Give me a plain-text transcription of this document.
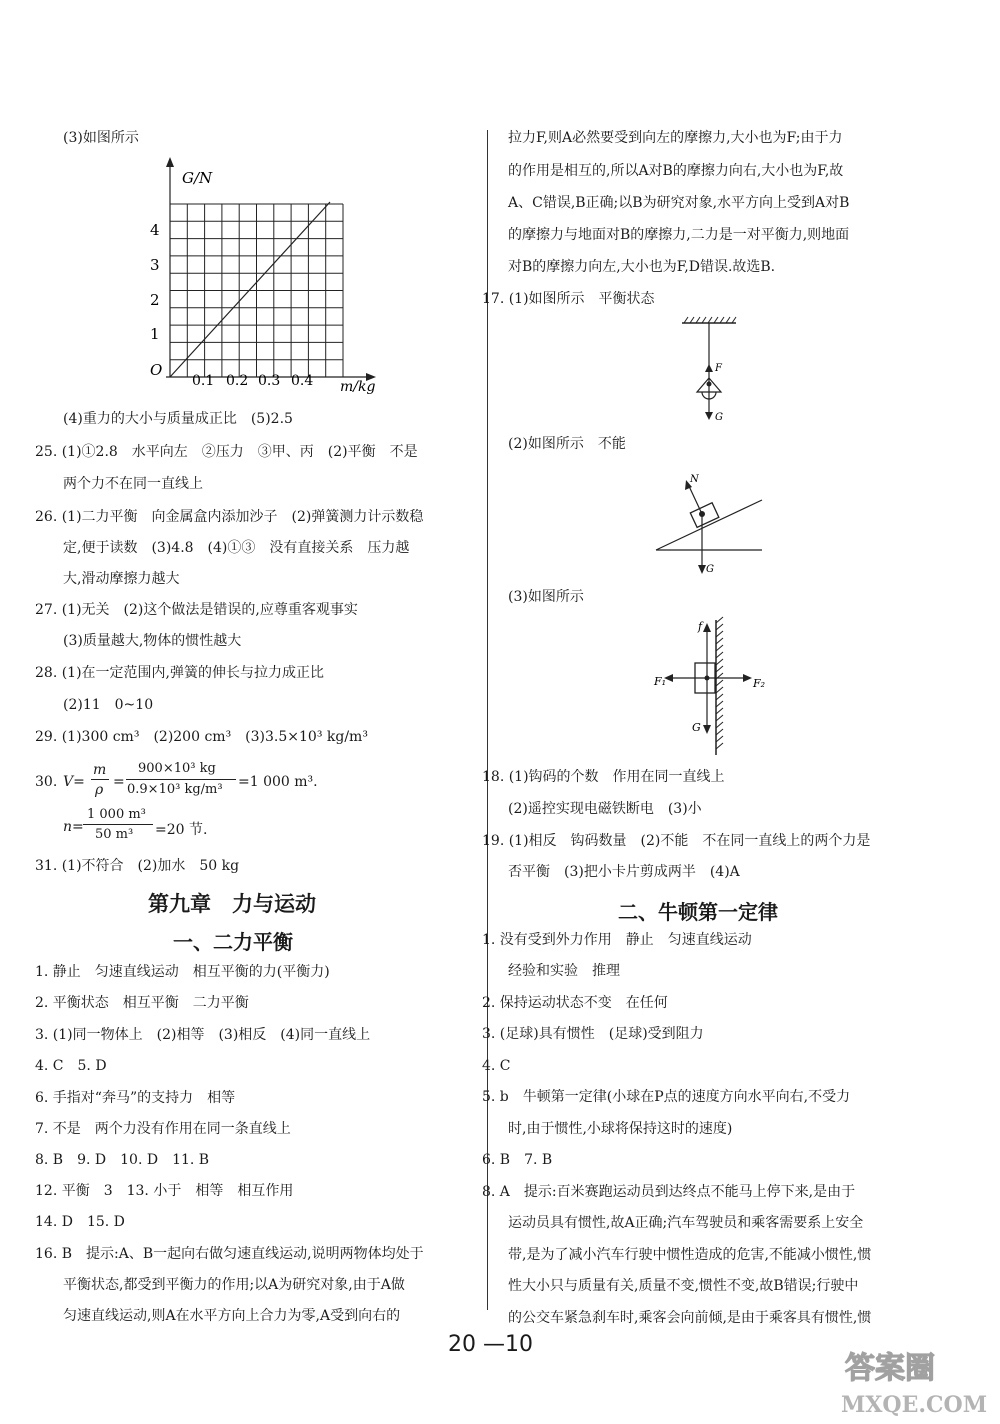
(3)如图所示
G/N
m/kg
O
4
3
2
1
0.1 0.2 0.3 0.4
(4)重力的大小与质量成正比　(5)2.5
25. (1)①2.8　水平向左　②压力　③甲、丙　(2)平衡　不是
两个力不在同一直线上
26. (1)二力平衡　向金属盒内添加沙子　(2)弹簧测力计示数稳
定,便于读数　(3)4.8　(4)①③　没有直接关系　压力越
大,滑动摩擦力越大
27. (1)无关　(2)这个做法是错误的,应尊重客观事实
(3)质量越大,物体的惯性越大
28. (1)在一定范围内,弹簧的伸长与拉力成正比
(2)11　0~10
29. (1)300 cm³　(2)200 cm³　(3)3.5×10³ kg/m³
30. V=
m
ρ =
900×10³ kg
0.9×10³ kg/m³ =1 000 m³.
n=
1 000 m³
50 m³ =20 节.
31. (1)不符合　(2)加水　50 kg
第九章　力与运动
一、二力平衡
1. 静止　匀速直线运动　相互平衡的力(平衡力)
2. 平衡状态　相互平衡　二力平衡
3. (1)同一物体上　(2)相等　(3)相反　(4)同一直线上
4. C　5. D
6. 手指对“奔马”的支持力　相等
7. 不是　两个力没有作用在同一条直线上
8. B　9. D　10. D　11. B
12. 平衡　3　13. 小于　相等　相互作用
14. D　15. D
16. B　提示:A、B一起向右做匀速直线运动,说明两物体均处于
平衡状态,都受到平衡力的作用;以A为研究对象,由于A做
匀速直线运动,则A在水平方向上合力为零,A受到向右的
拉力F,则A必然要受到向左的摩擦力,大小也为F;由于力
的作用是相互的,所以A对B的摩擦力向右,大小也为F,故
A、C错误,B正确;以B为研究对象,水平方向上受到A对B
的摩擦力与地面对B的摩擦力,二力是一对平衡力,则地面
对B的摩擦力向左,大小也为F,D错误.故选B.
17. (1)如图所示　平衡状态
F
G
(2)如图所示　不能
N
G
(3)如图所示
f
F₁	F₂
G
18. (1)钩码的个数　作用在同一直线上
(2)遥控实现电磁铁断电　(3)小
19. (1)相反　钩码数量　(2)不能　不在同一直线上的两个力是
否平衡　(3)把小卡片剪成两半　(4)A
二、牛顿第一定律
1. 没有受到外力作用　静止　匀速直线运动
经验和实验　推理
2. 保持运动状态不变　在任何
3. (足球)具有惯性　(足球)受到阻力
4. C
5. b　牛顿第一定律(小球在P点的速度方向水平向右,不受力
时,由于惯性,小球将保持这时的速度)
6. B　7. B
8. A　提示:百米赛跑运动员到达终点不能马上停下来,是由于
运动员具有惯性,故A正确;汽车驾驶员和乘客需要系上安全
带,是为了减小汽车行驶中惯性造成的危害,不能减小惯性,惯
性大小只与质量有关,质量不变,惯性不变,故B错误;行驶中
的公交车紧急刹车时,乘客会向前倾,是由于乘客具有惯性,惯
20 —10
答案圈
MXQE.COM
